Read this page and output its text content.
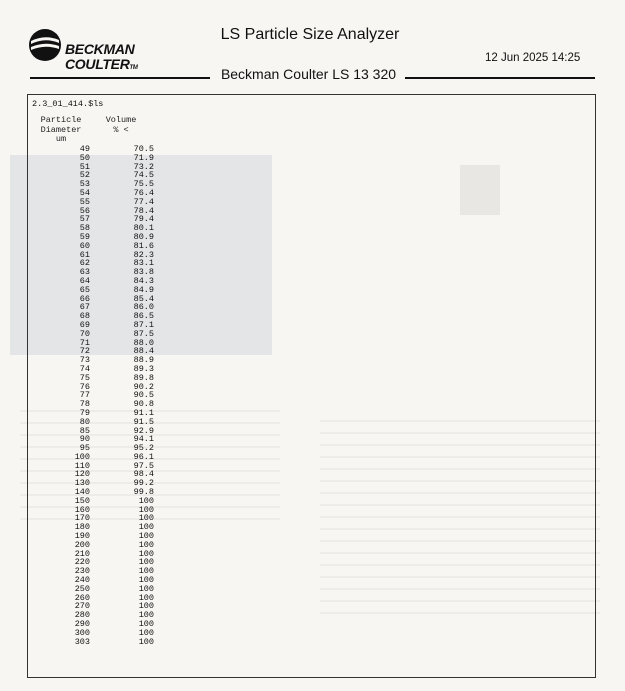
BECKMAN
COULTERTM
LS Particle Size Analyzer
12 Jun 2025 14:25
Beckman Coulter LS 13 320
2.3_01_414.$ls
Particle
Diameter
um
Volume
% <
49	70.5
50	71.9
51	73.2
52	74.5
53	75.5
54	76.4
55	77.4
56	78.4
57	79.4
58	80.1
59	80.9
60	81.6
61	82.3
62	83.1
63	83.8
64	84.3
65	84.9
66	85.4
67	86.0
68	86.5
69	87.1
70	87.5
71	88.0
72	88.4
73	88.9
74	89.3
75	89.8
76	90.2
77	90.5
78	90.8
79	91.1
80	91.5
85	92.9
90	94.1
95	95.2
100	96.1
110	97.5
120	98.4
130	99.2
140	99.8
150	100
160	100
170	100
180	100
190	100
200	100
210	100
220	100
230	100
240	100
250	100
260	100
270	100
280	100
290	100
300	100
303	100
